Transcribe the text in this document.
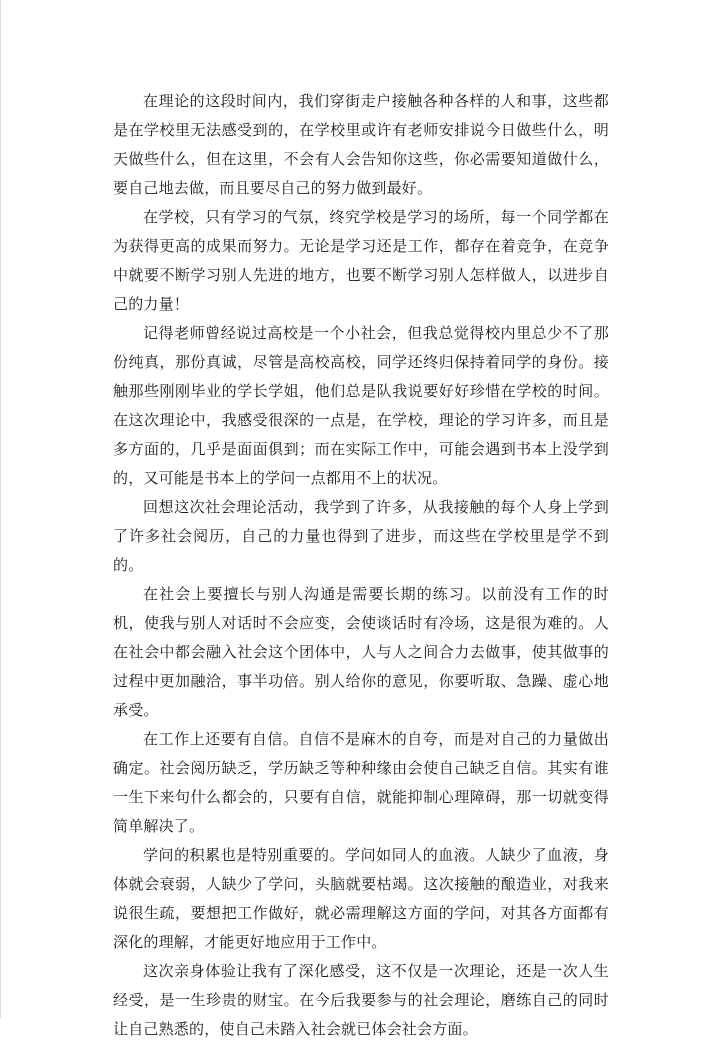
在理论的这段时间内，我们穿街走户接触各种各样的人和事，这些都是在学校里无法感受到的，在学校里或许有老师安排说今日做些什么，明天做些什么，但在这里，不会有人会告知你这些，你必需要知道做什么，要自己地去做，而且要尽自己的努力做到最好。

在学校，只有学习的气氛，终究学校是学习的场所，每一个同学都在为获得更高的成果而努力。无论是学习还是工作，都存在着竞争，在竞争中就要不断学习别人先进的地方，也要不断学习别人怎样做人，以进步自己的力量！

记得老师曾经说过高校是一个小社会，但我总觉得校内里总少不了那份纯真，那份真诚，尽管是高校高校，同学还终归保持着同学的身份。接触那些刚刚毕业的学长学姐，他们总是队我说要好好珍惜在学校的时间。在这次理论中，我感受很深的一点是，在学校，理论的学习许多，而且是多方面的，几乎是面面俱到；而在实际工作中，可能会遇到书本上没学到的，又可能是书本上的学问一点都用不上的状况。

回想这次社会理论活动，我学到了许多，从我接触的每个人身上学到了许多社会阅历，自己的力量也得到了进步，而这些在学校里是学不到的。

在社会上要擅长与别人沟通是需要长期的练习。以前没有工作的时机，使我与别人对话时不会应变，会使谈话时有冷场，这是很为难的。人在社会中都会融入社会这个团体中，人与人之间合力去做事，使其做事的过程中更加融洽，事半功倍。别人给你的意见，你要听取、急躁、虚心地承受。

在工作上还要有自信。自信不是麻木的自夸，而是对自己的力量做出确定。社会阅历缺乏，学历缺乏等种种缘由会使自己缺乏自信。其实有谁一生下来句什么都会的，只要有自信，就能抑制心理障碍，那一切就变得简单解决了。

学问的积累也是特别重要的。学问如同人的血液。人缺少了血液，身体就会衰弱，人缺少了学问，头脑就要枯竭。这次接触的酿造业，对我来说很生疏，要想把工作做好，就必需理解这方面的学问，对其各方面都有深化的理解，才能更好地应用于工作中。

这次亲身体验让我有了深化感受，这不仅是一次理论，还是一次人生经受，是一生珍贵的财宝。在今后我要参与的社会理论，磨练自己的同时让自己熟悉的，使自己未踏入社会就已体会社会方面。
